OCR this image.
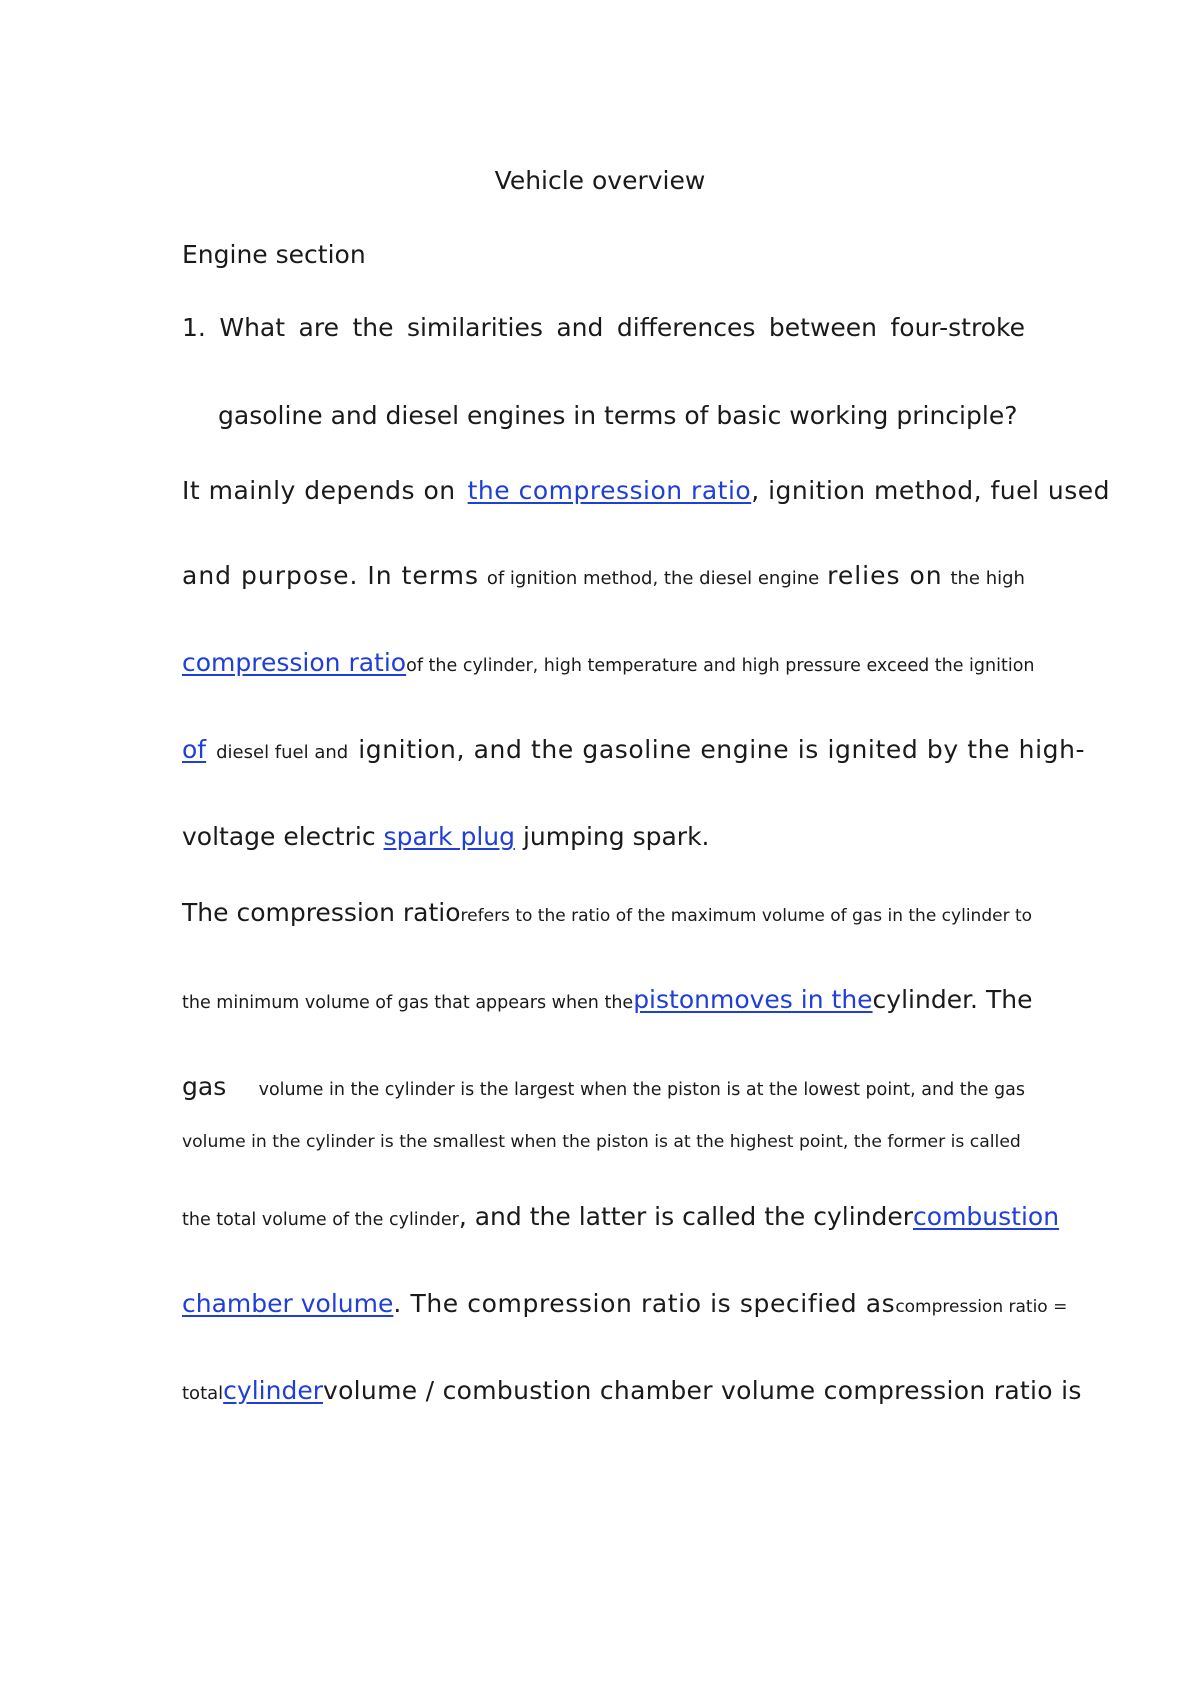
Vehicle overview
Engine section
1. What are the similarities and differences between four-stroke
gasoline and diesel engines in terms of basic working principle?
It mainly depends on the compression ratio , ignition method, fuel used
and purpose. In terms of ignition method, the diesel engine relies on the high
compression ratio of the cylinder, high temperature and high pressure exceed the ignition
of diesel fuel and ignition, and the gasoline engine is ignited by the high-
voltage electric spark plug jumping spark.
The compression ratio refers to the ratio of the maximum volume of gas in the cylinder to
the minimum volume of gas that appears when the piston moves in the cylinder. The
gas volume in the cylinder is the largest when the piston is at the lowest point, and the gas
volume in the cylinder is the smallest when the piston is at the highest point, the former is called
the total volume of the cylinder , and the latter is called the cylinder combustion
chamber volume . The compression ratio is specified as compression ratio =
total cylinder volume / combustion chamber volume compression ratio is
